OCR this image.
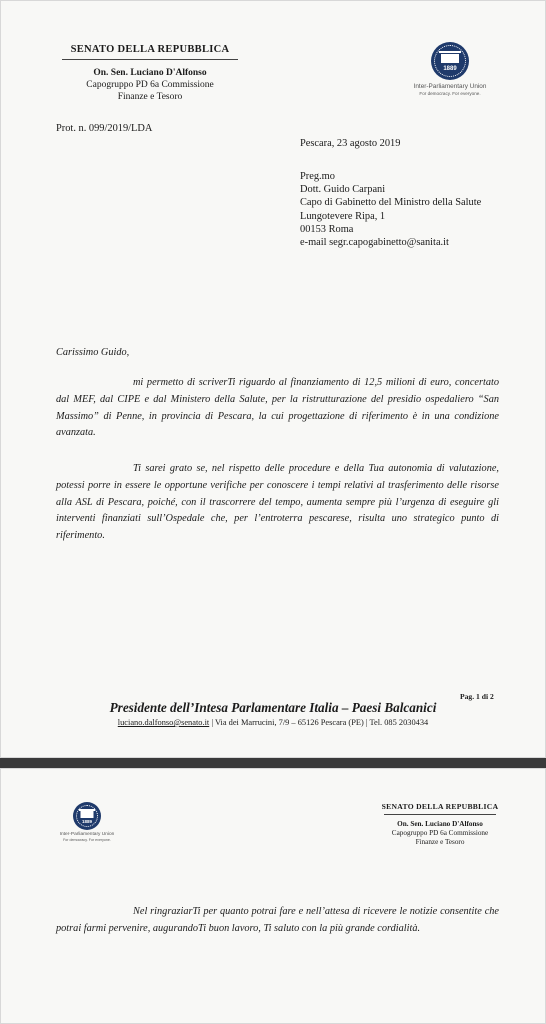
SENATO DELLA REPUBBLICA
On. Sen. Luciano D'Alfonso
Capogruppo PD 6a Commissione
Finanze e Tesoro
1889
Inter-Parliamentary Union
For democracy. For everyone.
Prot. n. 099/2019/LDA
Pescara, 23 agosto 2019
Preg.mo
Dott. Guido Carpani
Capo di Gabinetto del Ministro della Salute
Lungotevere Ripa, 1
00153 Roma
e-mail segr.capogabinetto@sanita.it
Carissimo Guido,
mi permetto di scriverTi riguardo al finanziamento di 12,5 milioni di euro, concertato dal MEF, dal CIPE e dal Ministero della Salute, per la ristrutturazione del presidio ospedaliero “San Massimo” di Penne, in provincia di Pescara, la cui progettazione di riferimento è in una condizione avanzata.
Ti sarei grato se, nel rispetto delle procedure e della Tua autonomia di valutazione, potessi porre in essere le opportune verifiche per conoscere i tempi relativi al trasferimento delle risorse alla ASL di Pescara, poiché, con il trascorrere del tempo, aumenta sempre più l’urgenza di eseguire gli interventi finanziati sull’Ospedale che, per l’entroterra pescarese, risulta uno strategico punto di riferimento.
Pag. 1 di 2
Presidente dell’Intesa Parlamentare Italia – Paesi Balcanici
luciano.dalfonso@senato.it | Via dei Marrucini, 7/9 – 65126 Pescara (PE) | Tel. 085 2030434
1889
Inter-Parliamentary Union
For democracy. For everyone.
SENATO DELLA REPUBBLICA
On. Sen. Luciano D'Alfonso
Capogruppo PD 6a Commissione
Finanze e Tesoro
Nel ringraziarTi per quanto potrai fare e nell’attesa di ricevere le notizie consentite che potrai farmi pervenire, augurandoTi buon lavoro, Ti saluto con la più grande cordialità.
